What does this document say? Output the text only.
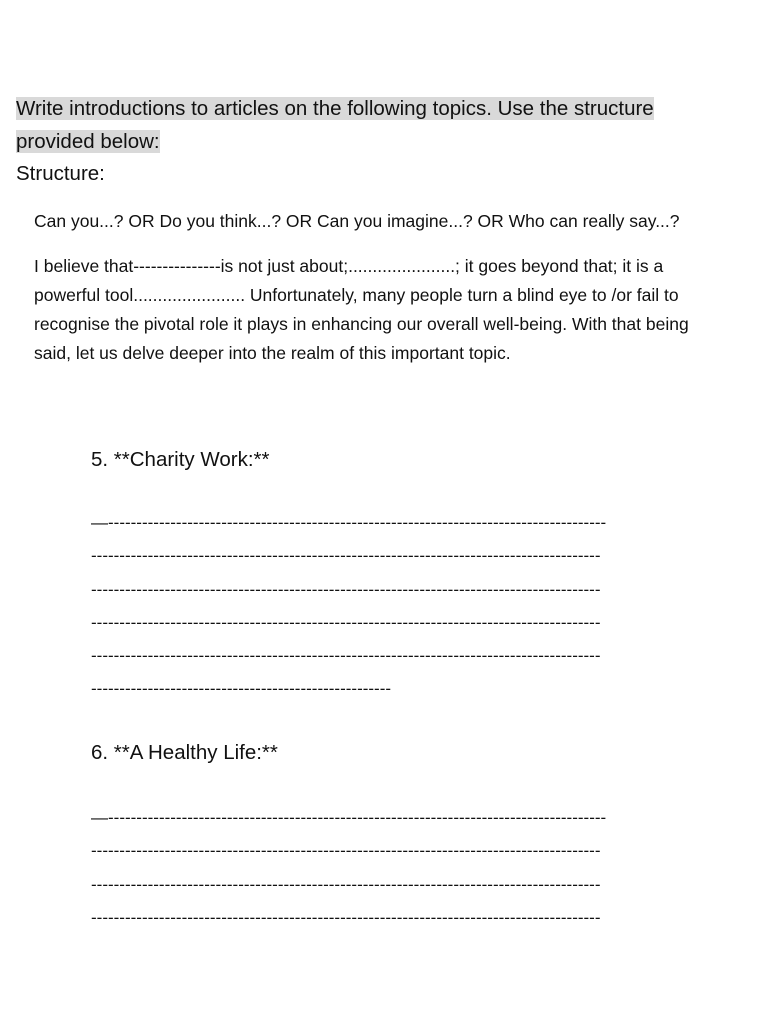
Write introductions to articles on the following topics. Use the structure
provided below:
Structure:
Can you...? OR Do you think...? OR Can you imagine...? OR Who can really say...?

I believe that---------------is not just about;......................; it goes beyond that; it is a powerful tool....................... Unfortunately, many people turn a blind eye to /or fail to recognise the pivotal role it plays in enhancing our overall well-being. With that being said, let us delve deeper into the realm of this important topic.

5. **Charity Work:**
—----------------------------------------------------------------------------------------
------------------------------------------------------------------------------------------
------------------------------------------------------------------------------------------
------------------------------------------------------------------------------------------
------------------------------------------------------------------------------------------
-----------------------------------------------------
6. **A Healthy Life:**
—----------------------------------------------------------------------------------------
------------------------------------------------------------------------------------------
------------------------------------------------------------------------------------------
------------------------------------------------------------------------------------------
